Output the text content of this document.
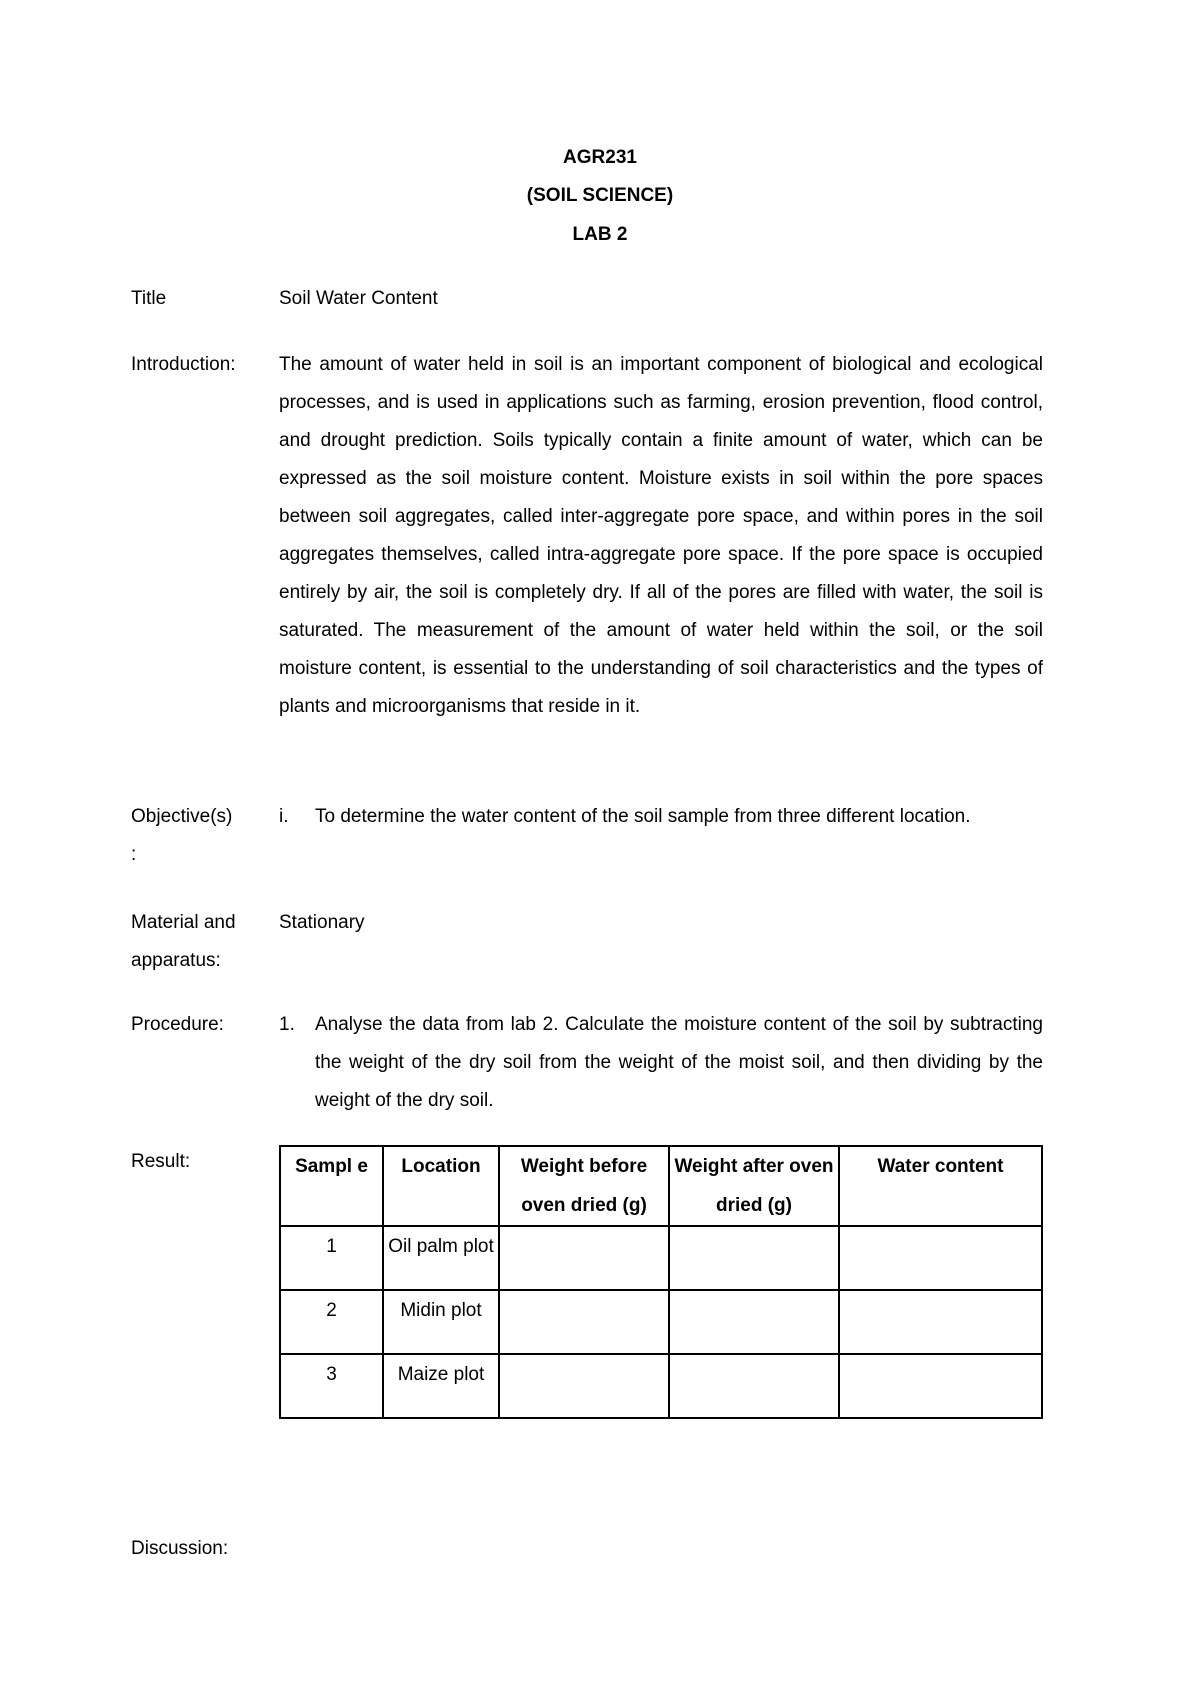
AGR231
(SOIL SCIENCE)
LAB 2
Title	Soil Water Content
Introduction:	The amount of water held in soil is an important component of biological and ecological processes, and is used in applications such as farming, erosion prevention, flood control, and drought prediction. Soils typically contain a finite amount of water, which can be expressed as the soil moisture content. Moisture exists in soil within the pore spaces between soil aggregates, called inter-aggregate pore space, and within pores in the soil aggregates themselves, called intra-aggregate pore space. If the pore space is occupied entirely by air, the soil is completely dry. If all of the pores are filled with water, the soil is saturated. The measurement of the amount of water held within the soil, or the soil moisture content, is essential to the understanding of soil characteristics and the types of plants and microorganisms that reside in it.
Objective(s)
:
i. To determine the water content of the soil sample from three different location.
Material and
apparatus:
Stationary
Procedure:	1. Analyse the data from lab 2. Calculate the moisture content of the soil by subtracting the weight of the dry soil from the weight of the moist soil, and then dividing by the weight of the dry soil.
Result:	Sampl e	Location	Weight before oven dried (g)	Weight after oven dried (g)	Water content
1	Oil palm plot			
2	Midin plot			
3	Maize plot			
Discussion:
